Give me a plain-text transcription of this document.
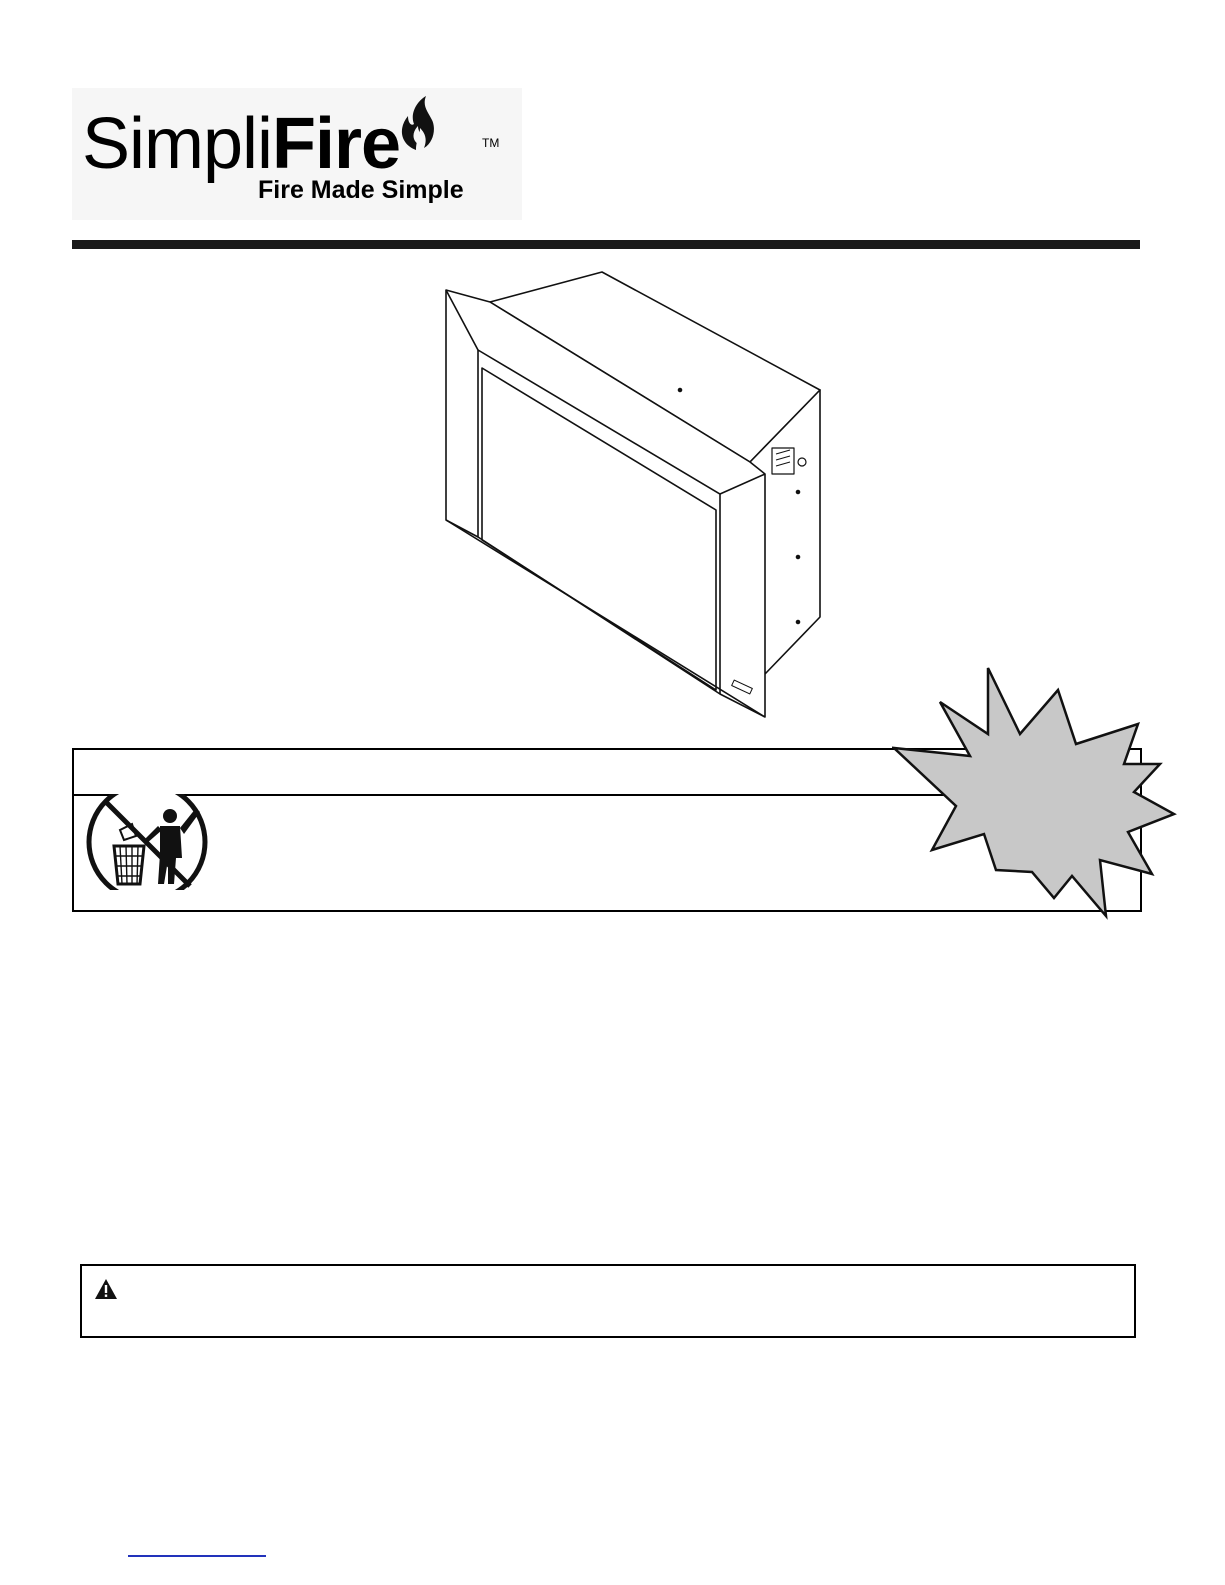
SimpliFire	TM
Fire Made Simple
